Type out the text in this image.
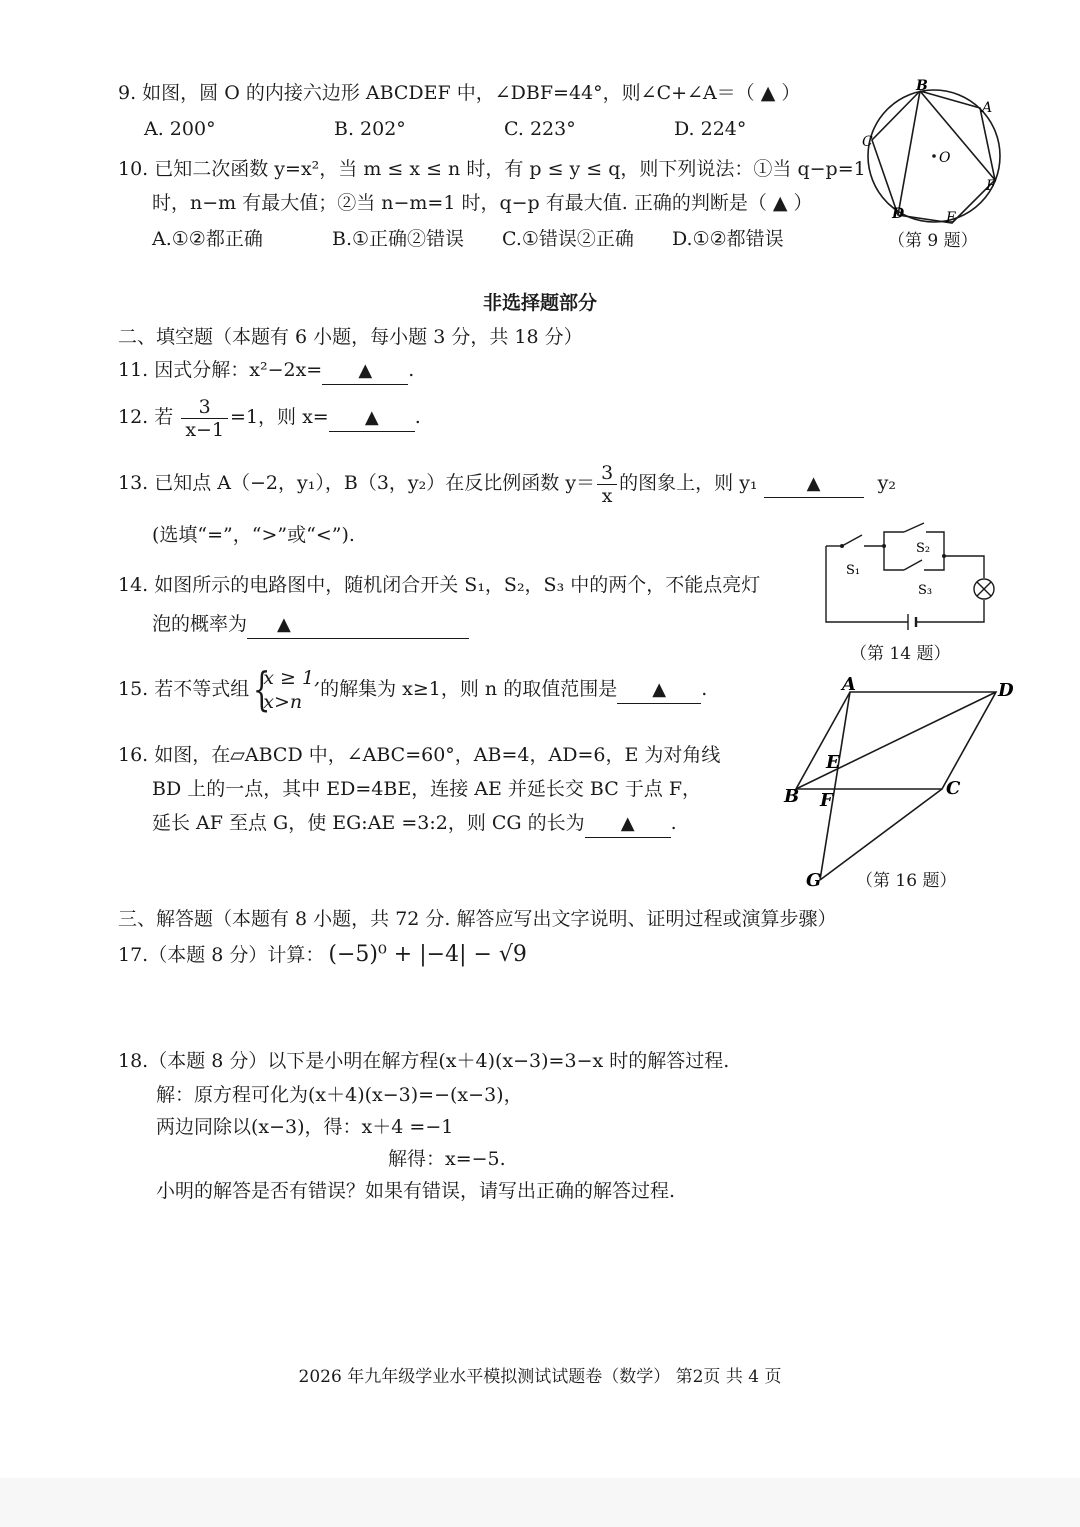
9. 如图，圆 O 的内接六边形 ABCDEF 中，∠DBF=44°，则∠C+∠A＝（ ▲ ）
A. 200°	B. 202°	C. 223°	D. 224°
B
A
C
O
F
D	E
（第 9 题）
10. 已知二次函数 y=x²，当 m ≤ x ≤ n 时，有 p ≤ y ≤ q，则下列说法：①当 q−p=1
时，n−m 有最大值；②当 n−m=1 时，q−p 有最大值. 正确的判断是（ ▲ ）
A.①②都正确	B.①正确②错误 C.①错误②正确 D.①②都错误
非选择题部分
二、填空题（本题有 6 小题，每小题 3 分，共 18 分）
11. 因式分解：x²−2x= ▲ .
12. 若 $\frac{3}{x-1} =1$，则 x= ▲ .
13. 已知点 A（−2，y₁），B（3，y₂）在反比例函数 $y= \frac{3}{x}$ 的图象上，则 y₁	▲	y₂
(选填“=”，“>”或“<”).
14. 如图所示的电路图中，随机闭合开关 S₁，S₂，S₃ 中的两个，不能点亮灯
泡的概率为 ▲
S₁
S₂
S₃
（第 14 题）
15. 若不等式组 {
x ≥ 1,
x>n
的解集为 x≥1，则 n 的取值范围是 ▲ .
16. 如图，在▱ABCD 中，∠ABC=60°，AB=4，AD=6，E 为对角线
BD 上的一点，其中 ED=4BE，连接 AE 并延长交 BC 于点 F，
延长 AF 至点 G，使 EG:AE =3:2，则 CG 的长为 ▲ .
A	D
E
B F
C
G （第 16 题）
三、解答题（本题有 8 小题，共 72 分. 解答应写出文字说明、证明过程或演算步骤）
17.（本题 8 分）计算： (−5)⁰ + |−4| − √9
18.（本题 8 分）以下是小明在解方程(x＋4)(x−3)=3−x 时的解答过程.
解：原方程可化为(x＋4)(x−3)=−(x−3)，
两边同除以(x−3)，得：x＋4 =−1
解得：x=−5.
小明的解答是否有错误？如果有错误，请写出正确的解答过程.
2026 年九年级学业水平模拟测试试题卷（数学） 第2页 共 4 页
